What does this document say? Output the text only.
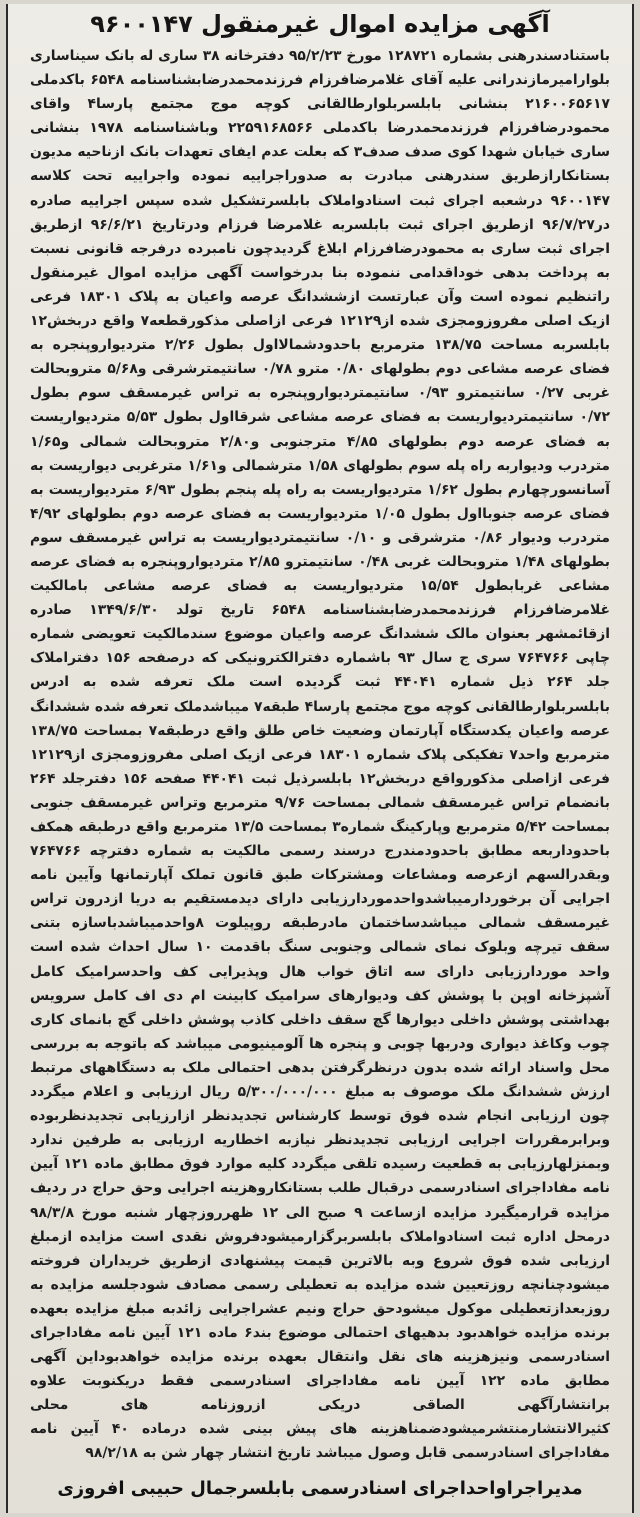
آگهی مزایده اموال غیرمنقول ۹۶۰۰۱۴۷

باستنادسندرهنی بشماره ۱۲۸۷۲۱ مورخ ۹۵/۲/۲۳ دفترخانه ۳۸ ساری له بانک سیناساری بلوارامیرمازندرانی علیه آقای غلامرضافرزام فرزندمحمدرضابشناسنامه ۶۵۴۸ باکدملی ۲۱۶۰۰۶۵۶۱۷ بنشانی بابلسربلوارطالقانی کوچه موج مجتمع پارسا۴ واقای محمودرضافرزام فرزندمحمدرضا باکدملی ۲۲۵۹۱۶۸۵۶۶ وباشناسنامه ۱۹۷۸ بنشانی ساری خیابان شهدا کوی صدف صدف۳ که بعلت عدم ایفای تعهدات بانک ازناحیه مدیون بستانکارازطریق سندرهنی مبادرت به صدوراجراییه نموده واجراییه تحت کلاسه ۹۶۰۰۱۴۷ درشعبه اجرای ثبت اسنادواملاک بابلسرتشکیل شده سپس اجراییه صادره در۹۶/۷/۲۷ ازطریق اجرای ثبت بابلسربه غلامرضا فرزام ودرتاریخ ۹۶/۶/۲۱ ازطریق اجرای ثبت ساری به محمودرضافرزام ابلاغ گردیدچون نامبرده درفرجه قانونی نسبت به پرداخت بدهی خوداقدامی ننموده بنا بدرخواست آگهی مزایده اموال غیرمنقول راتنظیم نموده است وآن عبارتست ازششدانگ عرصه واعیان به پلاک ۱۸۳۰۱ فرعی ازیک اصلی مفروزومجزی شده از۱۲۱۲۹ فرعی ازاصلی مذکورقطعه۷ واقع دربخش۱۲ بابلسربه مساحت ۱۳۸/۷۵ مترمربع باحدودشمالااول بطول ۲/۲۶ متردیواروپنجره به فضای عرصه مشاعی دوم بطولهای ۰/۸۰ مترو ۰/۷۸ سانتیمترشرقی و۵/۶۸ متروبحالت غربی ۰/۲۷ سانتیمترو ۰/۹۳ سانتیمتردیواروپنجره به تراس غیرمسقف سوم بطول ۰/۷۲ سانتیمتردیواریست به فضای عرصه مشاعی شرقااول بطول ۵/۵۳ متردیواریست به فضای عرصه دوم بطولهای ۴/۸۵ مترجنوبی و۲/۸۰ متروبحالت شمالی و۱/۶۵ متردرب ودیواربه راه پله سوم بطولهای ۱/۵۸ مترشمالی و۱/۶۱ مترغربی دیواریست به آسانسورچهارم بطول ۱/۶۲ متردیواریست به راه پله پنجم بطول ۶/۹۳ متردیواریست به فضای عرصه جنوبااول بطول ۱/۰۵ متردیواریست به فضای عرصه دوم بطولهای ۴/۹۲ متردرب ودیوار ۰/۸۶ مترشرقی و ۰/۱۰ سانتیمتردیواریست به تراس غیرمسقف سوم بطولهای ۱/۴۸ متروبحالت غربی ۰/۴۸ سانتیمترو ۲/۸۵ متردیواروپنجره به فضای عرصه مشاعی غربابطول ۱۵/۵۴ متردیواریست به فضای عرصه مشاعی بامالکیت غلامرضافرزام فرزندمحمدرضابشناسنامه ۶۵۴۸ تاریخ تولد ۱۳۴۹/۶/۳۰ صادره ازقائمشهر بعنوان مالک ششدانگ عرصه واعیان موضوع سندمالکیت تعویضی شماره چاپی ۷۶۴۷۶۶ سری ج سال ۹۳ باشماره دفترالکترونیکی که درصفحه ۱۵۶ دفتراملاک جلد ۲۶۴ ذیل شماره ۴۴۰۴۱ ثبت گردیده است ملک تعرفه شده به ادرس بابلسربلوارطالقانی کوچه موج مجتمع پارسا۴ طبقه۷ میباشدملک تعرفه شده ششدانگ عرصه واعیان یکدستگاه آپارتمان وضعیت خاص طلق واقع درطبقه۷ بمساحت ۱۳۸/۷۵ مترمربع واحد۷ تفکیکی پلاک شماره ۱۸۳۰۱ فرعی ازیک اصلی مفروزومجزی از۱۲۱۲۹ فرعی ازاصلی مذکورواقع دربخش۱۲ بابلسرذیل ثبت ۴۴۰۴۱ صفحه ۱۵۶ دفترجلد ۲۶۴ بانضمام تراس غیرمسقف شمالی بمساحت ۹/۷۶ مترمربع وتراس غیرمسقف جنوبی بمساحت ۵/۴۲ مترمربع وپارکینگ شماره۳ بمساحت ۱۳/۵ مترمربع واقع درطبقه همکف باحدوداربعه مطابق باحدودمندرج درسند رسمی مالکیت به شماره دفترچه ۷۶۴۷۶۶ وبقدرالسهم ازعرصه ومشاعات ومشترکات طبق قانون تملک آپارتمانها وآیین نامه اجرایی آن برخوردارمیباشدواحدموردارزیابی دارای دیدمستقیم به دریا ازدرون تراس غیرمسقف شمالی میباشدساختمان مادرطبقه روپیلوت ۸واحدمیباشدباسازه بتنی سقف تیرچه وبلوک نمای شمالی وجنوبی سنگ باقدمت ۱۰ سال احداث شده است واحد موردارزیابی دارای سه اتاق خواب هال وپذیرایی کف واحدسرامیک کامل آشپزخانه اوپن با پوشش کف ودیوارهای سرامیک کابینت ام دی اف کامل سرویس بهداشتی پوشش داخلی دیوارها گچ سقف داخلی کاذب پوشش داخلی گچ بانمای کاری چوب وکاغذ دیواری ودربها چوبی و پنجره ها آلومینیومی میباشد که باتوجه به بررسی محل واسناد ارائه شده بدون درنظرگرفتن بدهی احتمالی ملک به دستگاههای مرتبط ارزش ششدانگ ملک موصوف به مبلغ ۵/۳۰۰/۰۰۰/۰۰۰ ریال ارزیابی و اعلام میگردد چون ارزیابی انجام شده فوق توسط کارشناس تجدیدنظر ازارزیابی تجدیدنظربوده وبرابرمقررات اجرایی ارزیابی تجدیدنظر نیازبه اخطاریه ارزیابی به طرفین ندارد وبمنزلهارزیابی به قطعیت رسیده تلقی میگردد کلیه موارد فوق مطابق ماده ۱۲۱ آیین نامه مفاداجرای اسنادرسمی درقبال طلب بستانکاروهزینه اجرایی وحق حراج در ردیف مزایده قرارمیگیرد مزایده ازساعت ۹ صبح الی ۱۲ ظهرروزچهار شنبه مورخ ۹۸/۳/۸ درمحل اداره ثبت اسنادواملاک بابلسربرگزارمیشودفروش نقدی است مزایده ازمبلغ ارزیابی شده فوق شروع وبه بالاترین قیمت پیشنهادی ازطریق خریداران فروخته میشودچنانچه روزتعیین شده مزایده به تعطیلی رسمی مصادف شودجلسه مزایده به روزبعدازتعطیلی موکول میشودحق حراج ونیم عشراجرایی زائدبه مبلغ مزایده بعهده برنده مزایده خواهدبود بدهیهای احتمالی موضوع بند۶ ماده ۱۲۱ آیین نامه مفاداجرای اسنادرسمی ونیزهزینه های نقل وانتقال بعهده برنده مزایده خواهدبوداین آگهی مطابق ماده ۱۲۲ آیین نامه مفاداجرای اسنادرسمی فقط دریکنوبت علاوه برانتشارآگهی الصاقی دریکی ازروزنامه های محلی کثیرالانتشارمنتشرمیشودضمناهزینه های پیش بینی شده درماده ۴۰ آیین نامه مفاداجرای اسنادرسمی قابل وصول میباشد تاریخ انتشار چهار شن به ۹۸/۲/۱۸

مدیراجراواحداجرای اسنادرسمی بابلسرجمال حبیبی افروزی
